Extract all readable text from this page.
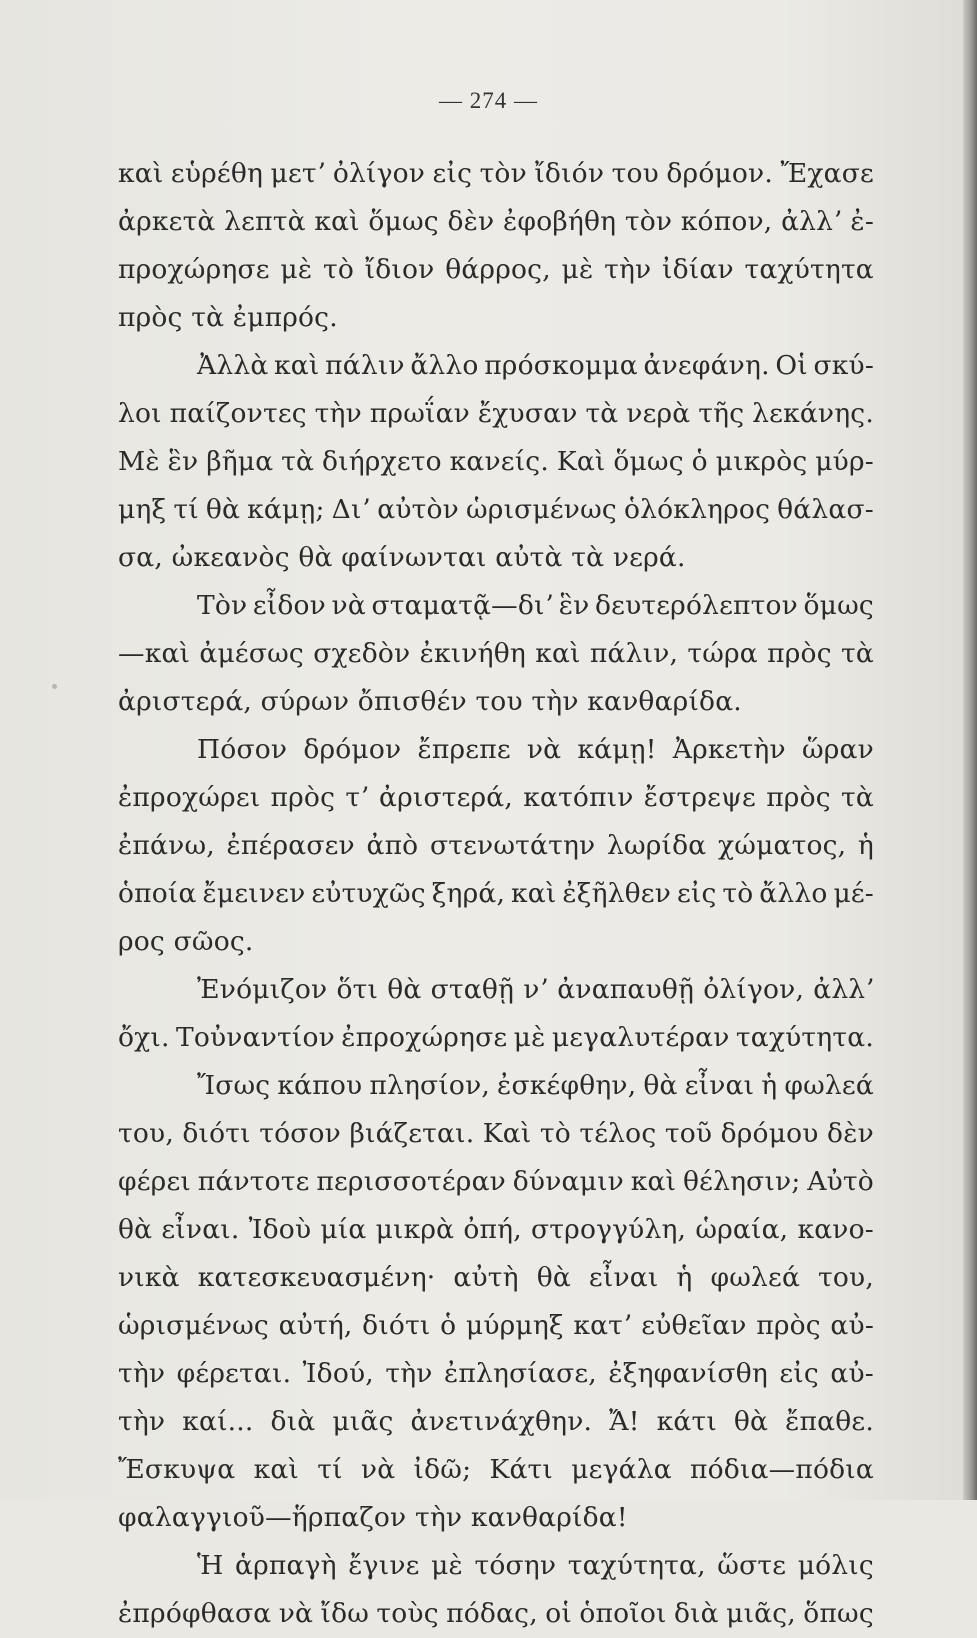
— 274 —
καὶ εὑρέθη μετʼ ὀλίγον εἰς τὸν ἴδιόν του δρόμον. Ἔχασε
ἀρκετὰ λεπτὰ καὶ ὅμως δὲν ἐφοβήθη τὸν κόπον, ἀλλʼ ἐ-
προχώρησε μὲ τὸ ἴδιον θάρρος, μὲ τὴν ἰδίαν ταχύτητα
πρὸς τὰ ἐμπρός.
Ἀλλὰ καὶ πάλιν ἄλλο πρόσκομμα ἀνεφάνη. Οἱ σκύ-
λοι παίζοντες τὴν πρωΐαν ἔχυσαν τὰ νερὰ τῆς λεκάνης.
Μὲ ἓν βῆμα τὰ διήρχετο κανείς. Καὶ ὅμως ὁ μικρὸς μύρ-
μηξ τί θὰ κάμῃ; Διʼ αὐτὸν ὡρισμένως ὁλόκληρος θάλασ-
σα, ὠκεανὸς θὰ φαίνωνται αὐτὰ τὰ νερά.
Τὸν εἶδον νὰ σταματᾷ—διʼ ἓν δευτερόλεπτον ὅμως
—καὶ ἀμέσως σχεδὸν ἐκινήθη καὶ πάλιν, τώρα πρὸς τὰ
ἀριστερά, σύρων ὄπισθέν του τὴν κανθαρίδα.
Πόσον δρόμον ἔπρεπε νὰ κάμῃ! Ἀρκετὴν ὥραν
ἐπροχώρει πρὸς τʼ ἀριστερά, κατόπιν ἔστρεψε πρὸς τὰ
ἐπάνω, ἐπέρασεν ἀπὸ στενωτάτην λωρίδα χώματος, ἡ
ὁποία ἔμεινεν εὐτυχῶς ξηρά, καὶ ἐξῆλθεν εἰς τὸ ἄλλο μέ-
ρος σῶος.
Ἐνόμιζον ὅτι θὰ σταθῇ νʼ ἀναπαυθῇ ὀλίγον, ἀλλʼ
ὄχι. Τοὐναντίον ἐπροχώρησε μὲ μεγαλυτέραν ταχύτητα.
Ἴσως κάπου πλησίον, ἐσκέφθην, θὰ εἶναι ἡ φωλεά
του, διότι τόσον βιάζεται. Καὶ τὸ τέλος τοῦ δρόμου δὲν
φέρει πάντοτε περισσοτέραν δύναμιν καὶ θέλησιν; Αὐτὸ
θὰ εἶναι. Ἰδοὺ μία μικρὰ ὀπή, στρογγύλη, ὡραία, κανο-
νικὰ κατεσκευασμένη· αὐτὴ θὰ εἶναι ἡ φωλεά του,
ὡρισμένως αὐτή, διότι ὁ μύρμηξ κατʼ εὐθεῖαν πρὸς αὐ-
τὴν φέρεται. Ἰδού, τὴν ἐπλησίασε, ἐξηφανίσθη εἰς αὐ-
τὴν καί... διὰ μιᾶς ἀνετινάχθην. Ἄ! κάτι θὰ ἔπαθε.
Ἔσκυψα καὶ τί νὰ ἰδῶ; Κάτι μεγάλα πόδια—πόδια
φαλαγγιοῦ—ἥρπαζον τὴν κανθαρίδα!
Ἡ ἁρπαγὴ ἔγινε μὲ τόσην ταχύτητα, ὥστε μόλις
ἐπρόφθασα νὰ ἴδω τοὺς πόδας, οἱ ὁποῖοι διὰ μιᾶς, ὅπως
